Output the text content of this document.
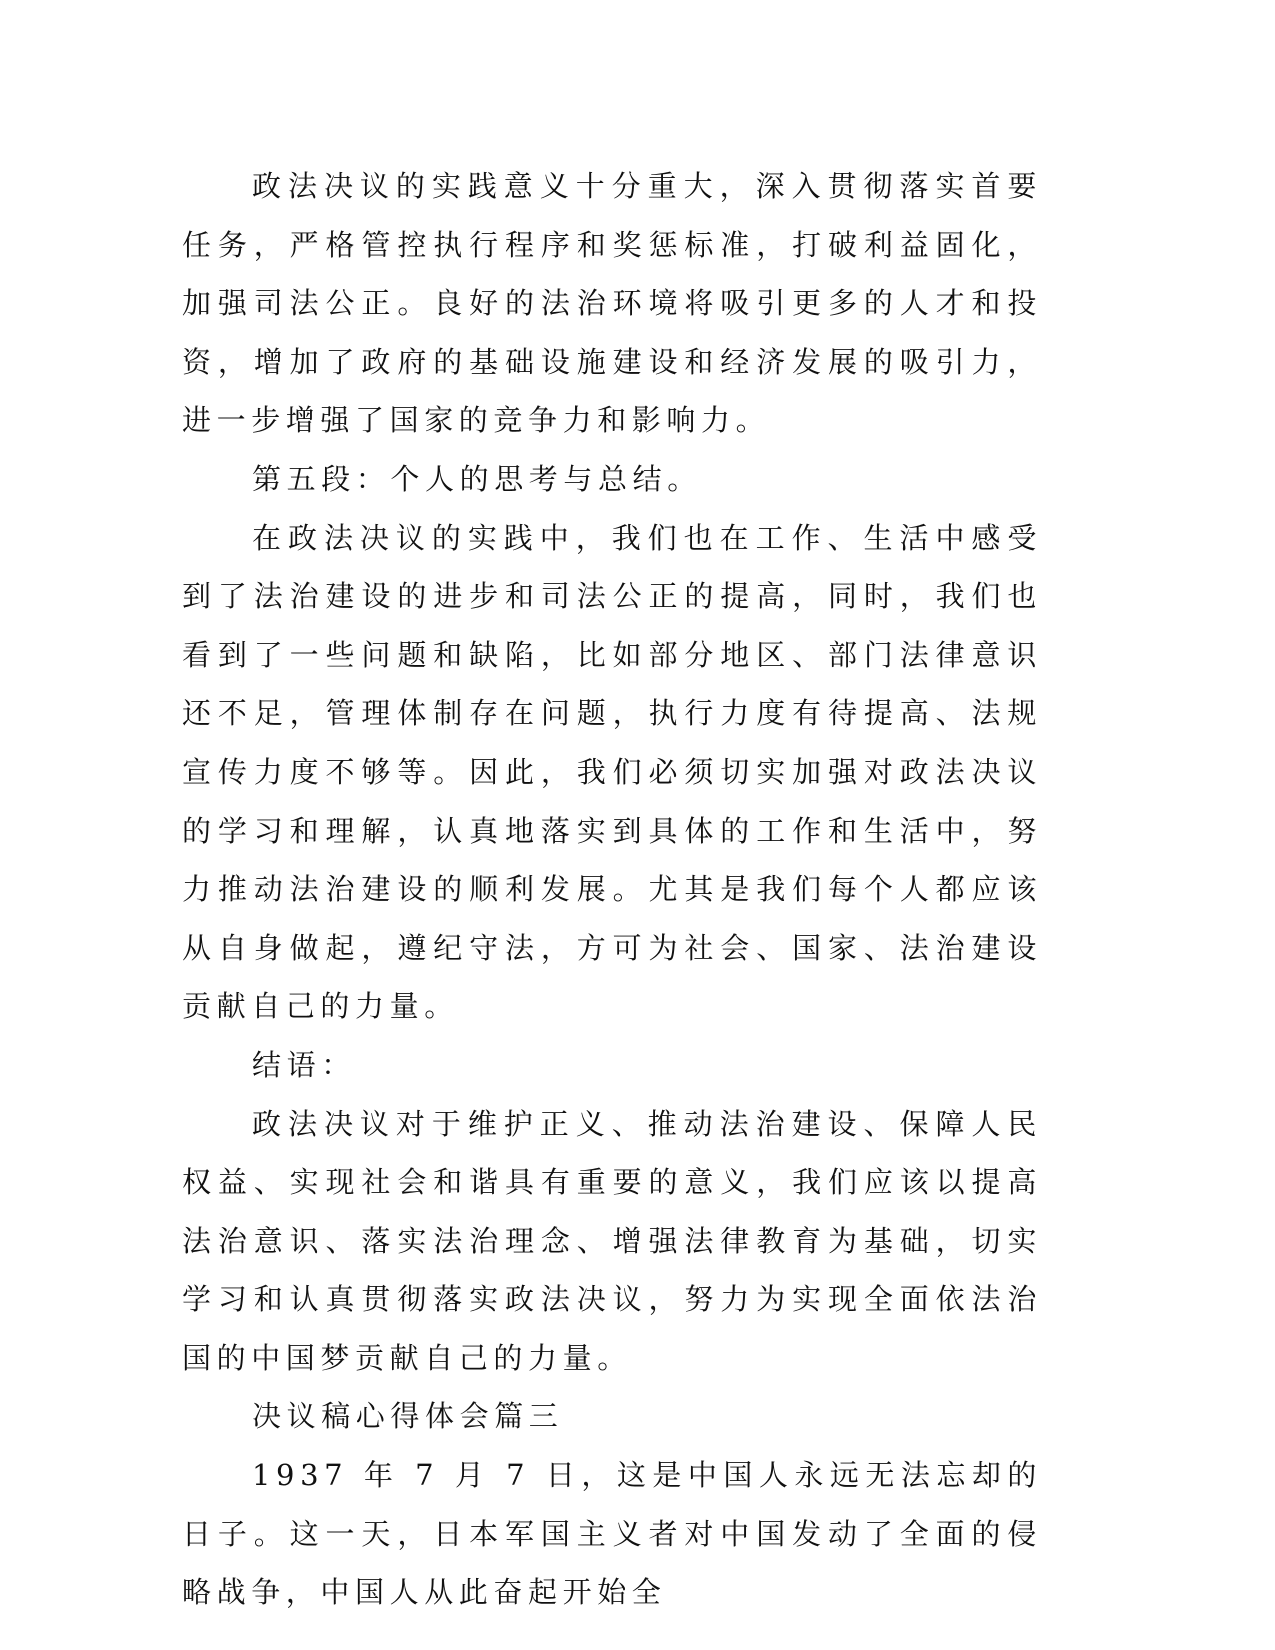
政法决议的实践意义十分重大，深入贯彻落实首要任务，严格管控执行程序和奖惩标准，打破利益固化，加强司法公正。良好的法治环境将吸引更多的人才和投资，增加了政府的基础设施建设和经济发展的吸引力，进一步增强了国家的竞争力和影响力。

第五段：个人的思考与总结。

在政法决议的实践中，我们也在工作、生活中感受到了法治建设的进步和司法公正的提高，同时，我们也看到了一些问题和缺陷，比如部分地区、部门法律意识还不足，管理体制存在问题，执行力度有待提高、法规宣传力度不够等。因此，我们必须切实加强对政法决议的学习和理解，认真地落实到具体的工作和生活中，努力推动法治建设的顺利发展。尤其是我们每个人都应该从自身做起，遵纪守法，方可为社会、国家、法治建设贡献自己的力量。

结语：

政法决议对于维护正义、推动法治建设、保障人民权益、实现社会和谐具有重要的意义，我们应该以提高法治意识、落实法治理念、增强法律教育为基础，切实学习和认真贯彻落实政法决议，努力为实现全面依法治国的中国梦贡献自己的力量。

决议稿心得体会篇三

1937 年 7 月 7 日，这是中国人永远无法忘却的日子。这一天，日本军国主义者对中国发动了全面的侵略战争，中国人从此奋起开始全
